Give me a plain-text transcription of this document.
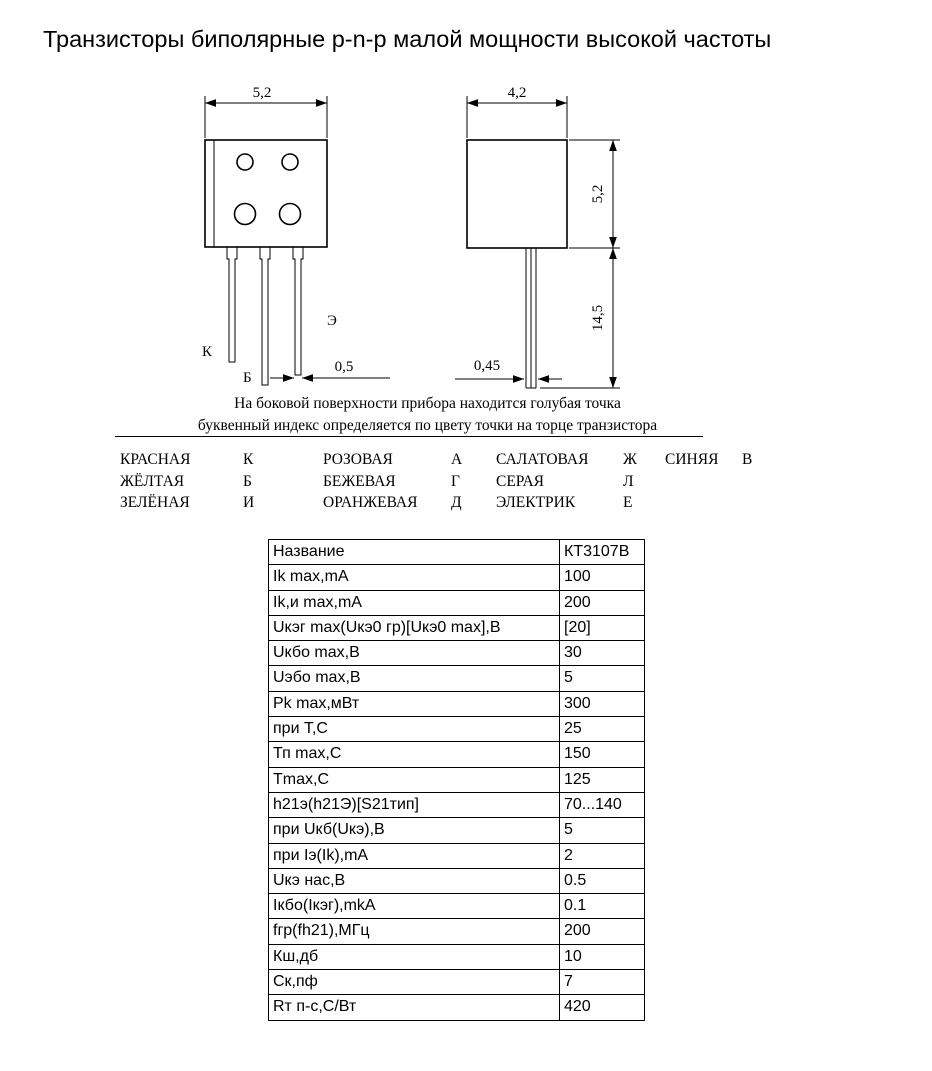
Транзисторы биполярные p-n-p малой мощности высокой частоты
5,2
К
Б
Э
0,5
4,2
5,2
14,5
0,45
На боковой поверхности прибора находится голубая точка
буквенный индекс определяется по цвету точки на торце транзистора
КРАСНАЯ	К	РОЗОВАЯ	А	САЛАТОВАЯ	Ж	СИНЯЯ	В
ЖЁЛТАЯ	Б	БЕЖЕВАЯ	Г	СЕРАЯ	Л
ЗЕЛЁНАЯ	И	ОРАНЖЕВАЯ	Д	ЭЛЕКТРИК	Е
Название	КТ3107В
Ik max,mA	100
Ik,и max,mA	200
Uкэг max(Uкэ0 гр)[Uкэ0 max],В	[20]
Uкбо max,В	30
Uэбо max,В	5
Pk max,мВт	300
при Т,С	25
Тп max,С	150
Tmax,С	125
h21э(h21Э)[S21тип]	70...140
при Uкб(Uкэ),В	5
при Iэ(Ik),mA	2
Uкэ нас,В	0.5
Iкбо(Iкэг),mkA	0.1
fгр(fh21),МГц	200
Кш,дб	10
Ск,пф	7
Rт п-с,С/Вт	420
